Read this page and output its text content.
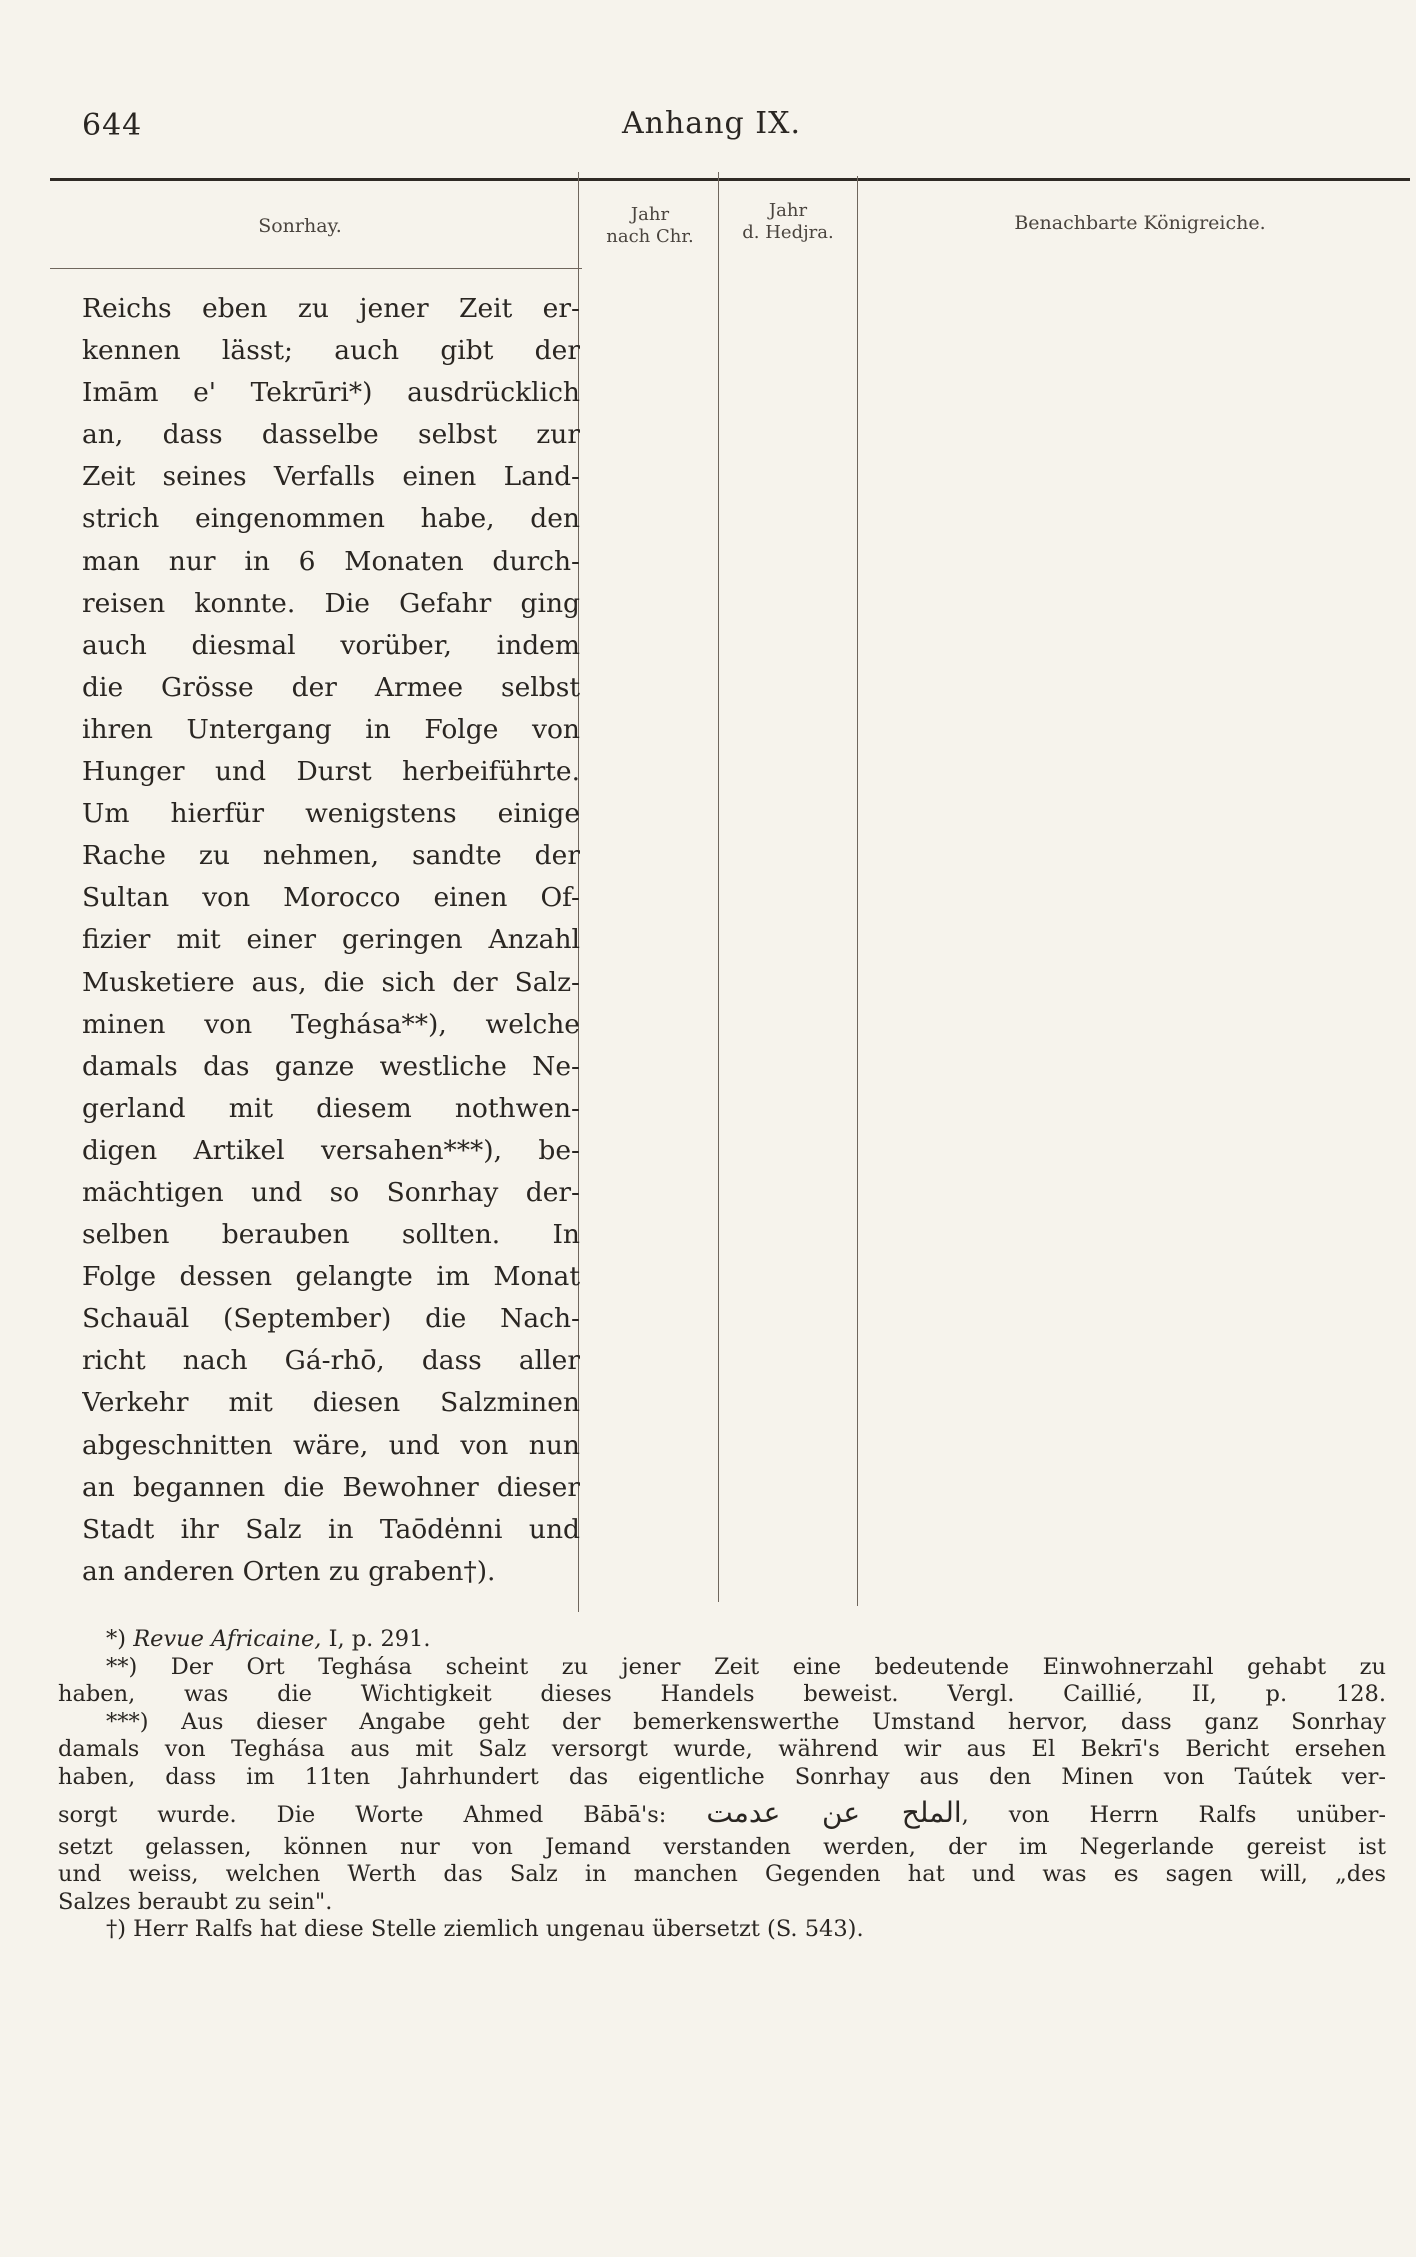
644	Anhang IX.
Sonrhay.
Jahr
nach Chr.
Jahr
d. Hedjra.	Benachbarte Königreiche.
Reichs eben zu jener Zeit er-
kennen lässt; auch gibt der
Imām e' Tekrūri*) ausdrücklich
an, dass dasselbe selbst zur
Zeit seines Verfalls einen Land-
strich eingenommen habe, den
man nur in 6 Monaten durch-
reisen konnte. Die Gefahr ging
auch diesmal vorüber, indem
die Grösse der Armee selbst
ihren Untergang in Folge von
Hunger und Durst herbeiführte.
Um hierfür wenigstens einige
Rache zu nehmen, sandte der
Sultan von Morocco einen Of-
fizier mit einer geringen Anzahl
Musketiere aus, die sich der Salz-
minen von Teghása**), welche
damals das ganze westliche Ne-
gerland mit diesem nothwen-
digen Artikel versahen***), be-
mächtigen und so Sonrhay der-
selben berauben sollten. In
Folge dessen gelangte im Monat
Schauāl (September) die Nach-
richt nach Gá-rhō, dass aller
Verkehr mit diesen Salzminen
abgeschnitten wäre, und von nun
an begannen die Bewohner dieser
Stadt ihr Salz in Taōde̍nni und
an anderen Orten zu graben†).
*) Revue Africaine, I, p. 291.
**) Der Ort Teghása scheint zu jener Zeit eine bedeutende Einwohnerzahl gehabt zu
haben, was die Wichtigkeit dieses Handels beweist. Vergl. Caillié, II, p. 128.
***) Aus dieser Angabe geht der bemerkenswerthe Umstand hervor, dass ganz Sonrhay
damals von Teghása aus mit Salz versorgt wurde, während wir aus El Bekrī's Bericht ersehen
haben, dass im 11ten Jahrhundert das eigentliche Sonrhay aus den Minen von Taútek ver-
sorgt wurde. Die Worte Ahmed Bābā's: الملح عن عدمت, von Herrn Ralfs unüber-
setzt gelassen, können nur von Jemand verstanden werden, der im Negerlande gereist ist
und weiss, welchen Werth das Salz in manchen Gegenden hat und was es sagen will, „des
Salzes beraubt zu sein".
†) Herr Ralfs hat diese Stelle ziemlich ungenau übersetzt (S. 543).
